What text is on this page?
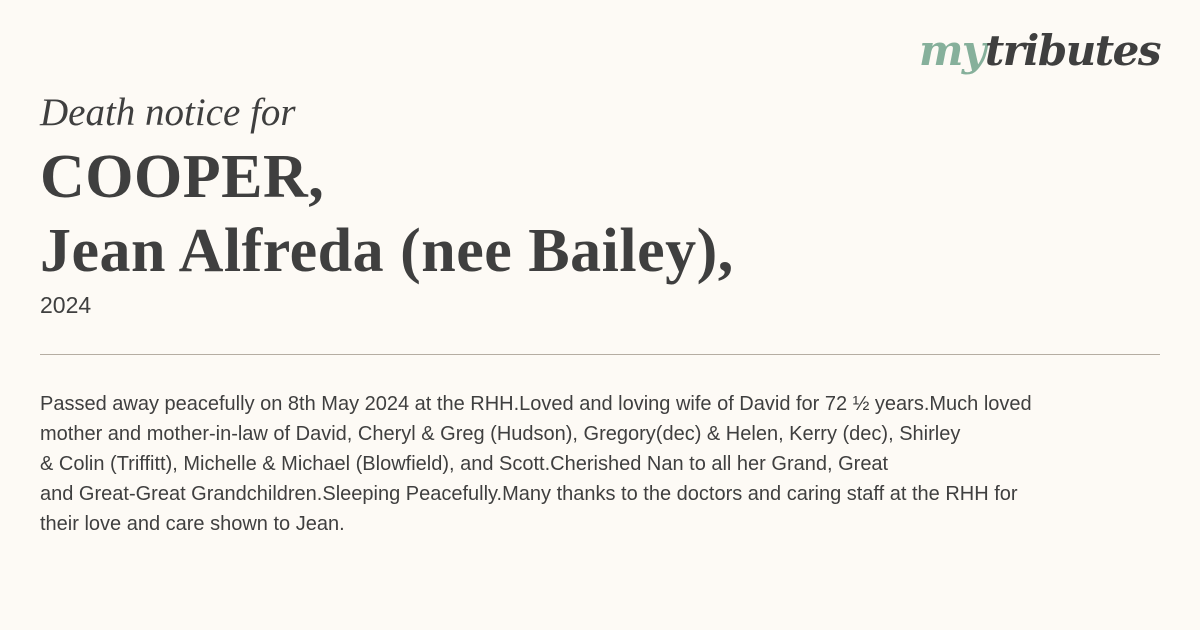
mytributes
Death notice for
COOPER,
Jean Alfreda (nee Bailey),
2024
Passed away peacefully on 8th May 2024 at the RHH.Loved and loving wife of David for 72 ½ years.Much loved
mother and mother-in-law of David, Cheryl & Greg (Hudson), Gregory(dec) & Helen, Kerry (dec), Shirley
& Colin (Triffitt), Michelle & Michael (Blowfield), and Scott.Cherished Nan to all her Grand, Great
and Great-Great Grandchildren.Sleeping Peacefully.Many thanks to the doctors and caring staff at the RHH for
their love and care shown to Jean.
